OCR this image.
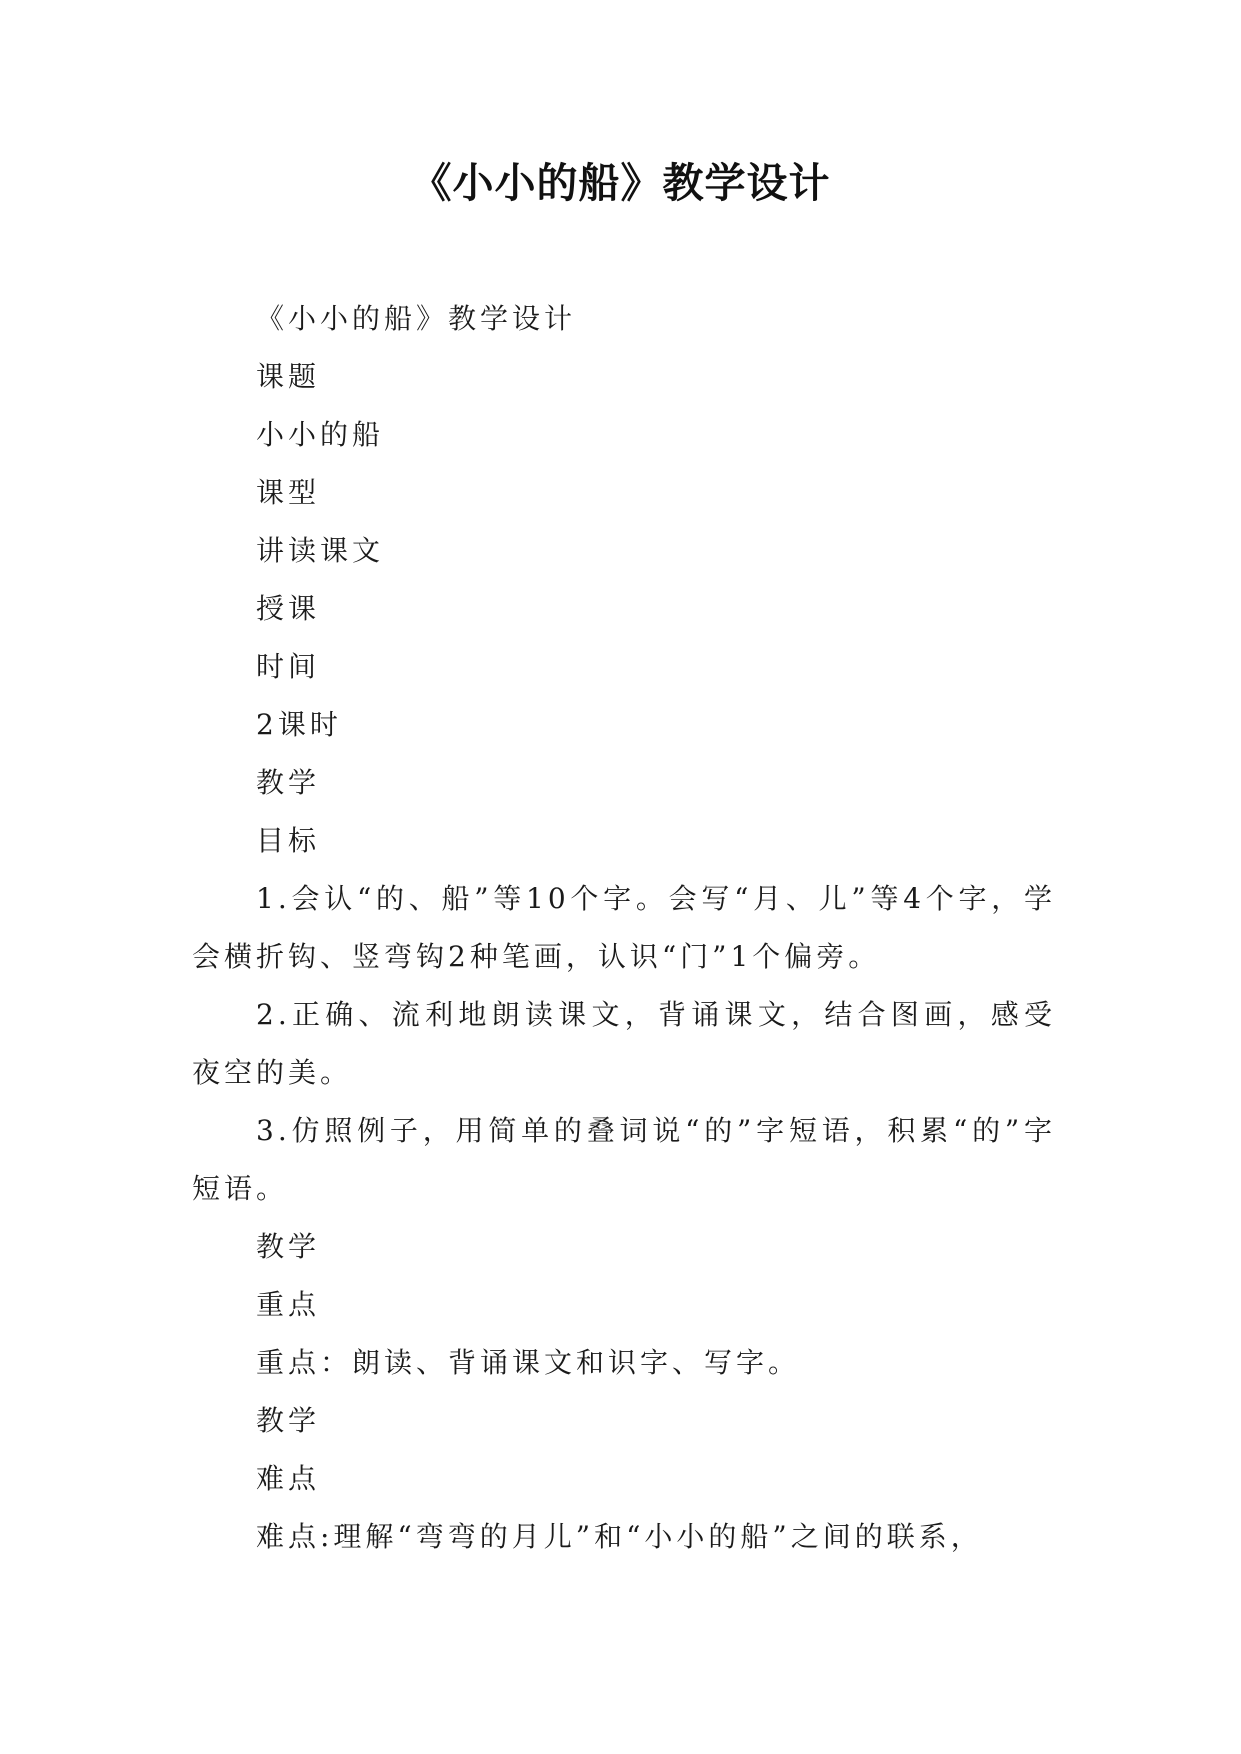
《小小的船》教学设计

《小小的船》教学设计

课题

小小的船

课型

讲读课文

授课

时间

2课时

教学

目标

1.会认“的、船”等10个字。会写“月、儿”等4个字，学会横折钩、竖弯钩2种笔画，认识“门”1个偏旁。

2.正确、流利地朗读课文，背诵课文，结合图画，感受夜空的美。

3.仿照例子，用简单的叠词说“的”字短语，积累“的”字短语。

教学

重点

重点：朗读、背诵课文和识字、写字。

教学

难点

难点:理解“弯弯的月儿”和“小小的船”之间的联系，
